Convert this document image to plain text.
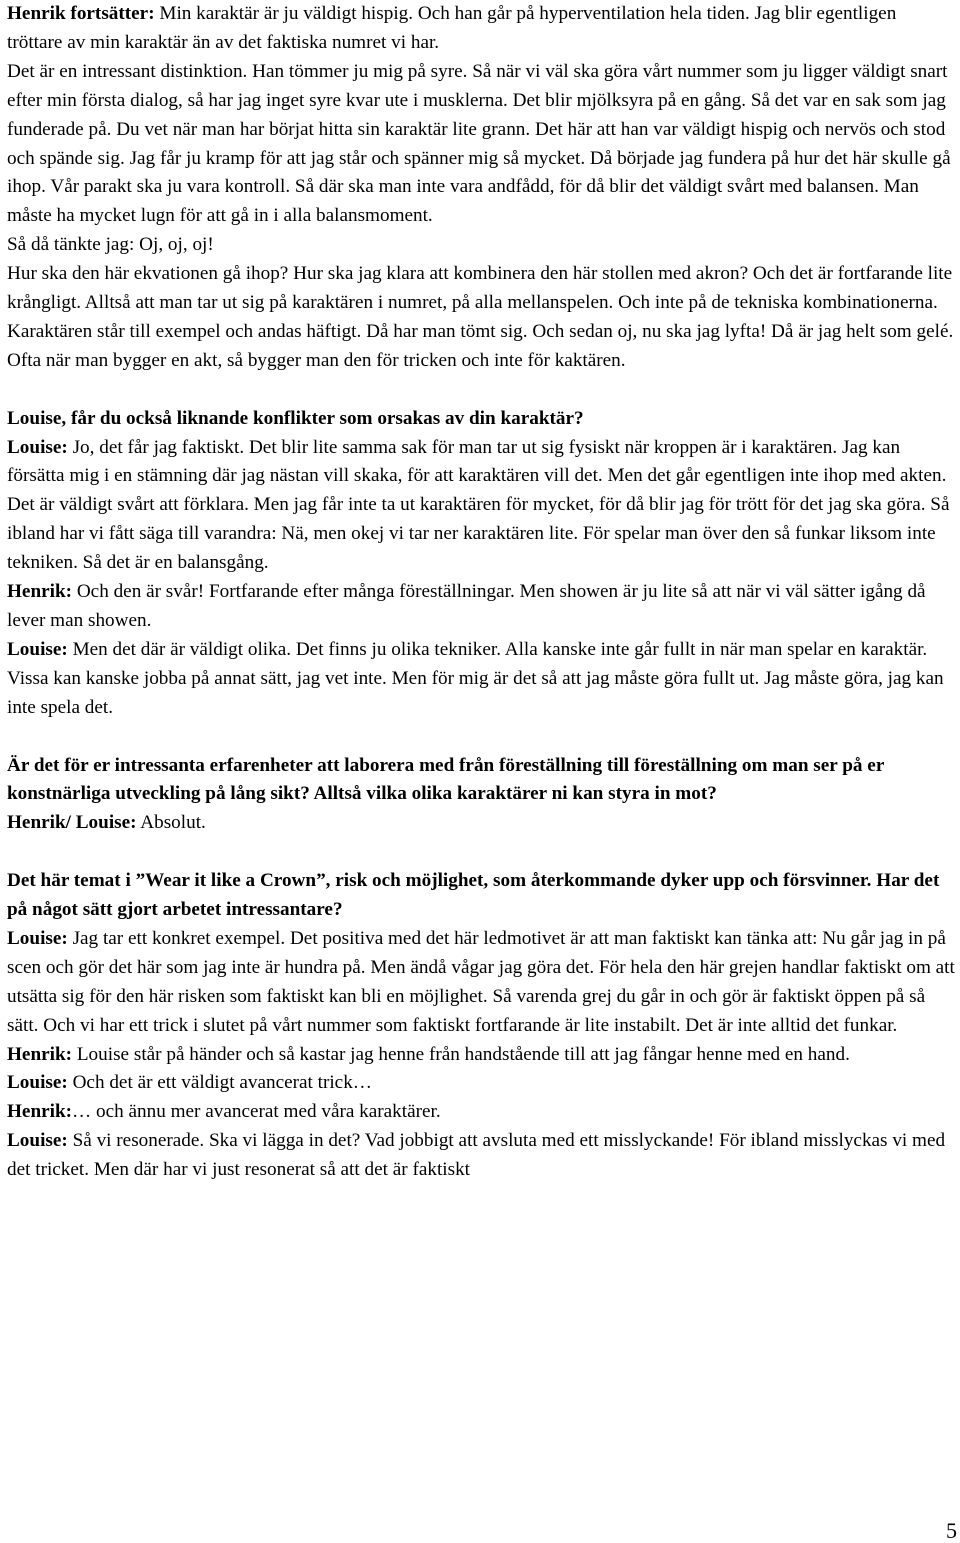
Henrik fortsätter: Min karaktär är ju väldigt hispig. Och han går på hyperventilation hela tiden. Jag blir egentligen tröttare av min karaktär än av det faktiska numret vi har.

Det är en intressant distinktion. Han tömmer ju mig på syre. Så när vi väl ska göra vårt nummer som ju ligger väldigt snart efter min första dialog, så har jag inget syre kvar ute i musklerna. Det blir mjölksyra på en gång. Så det var en sak som jag funderade på. Du vet när man har börjat hitta sin karaktär lite grann. Det här att han var väldigt hispig och nervös och stod och spände sig. Jag får ju kramp för att jag står och spänner mig så mycket. Då började jag fundera på hur det här skulle gå ihop. Vår parakt ska ju vara kontroll. Så där ska man inte vara andfådd, för då blir det väldigt svårt med balansen. Man måste ha mycket lugn för att gå in i alla balansmoment.

Så då tänkte jag: Oj, oj, oj!

Hur ska den här ekvationen gå ihop? Hur ska jag klara att kombinera den här stollen med akron? Och det är fortfarande lite krångligt. Alltså att man tar ut sig på karaktären i numret, på alla mellanspelen. Och inte på de tekniska kombinationerna. Karaktären står till exempel och andas häftigt. Då har man tömt sig. Och sedan oj, nu ska jag lyfta! Då är jag helt som gelé. Ofta när man bygger en akt, så bygger man den för tricken och inte för kaktären.

Louise, får du också liknande konflikter som orsakas av din karaktär?

Louise: Jo, det får jag faktiskt. Det blir lite samma sak för man tar ut sig fysiskt när kroppen är i karaktären. Jag kan försätta mig i en stämning där jag nästan vill skaka, för att karaktären vill det. Men det går egentligen inte ihop med akten. Det är väldigt svårt att förklara. Men jag får inte ta ut karaktären för mycket, för då blir jag för trött för det jag ska göra. Så ibland har vi fått säga till varandra: Nä, men okej vi tar ner karaktären lite. För spelar man över den så funkar liksom inte tekniken. Så det är en balansgång.

Henrik: Och den är svår! Fortfarande efter många föreställningar. Men showen är ju lite så att när vi väl sätter igång då lever man showen.

Louise: Men det där är väldigt olika. Det finns ju olika tekniker. Alla kanske inte går fullt in när man spelar en karaktär. Vissa kan kanske jobba på annat sätt, jag vet inte. Men för mig är det så att jag måste göra fullt ut. Jag måste göra, jag kan inte spela det.

Är det för er intressanta erfarenheter att laborera med från föreställning till föreställning om man ser på er konstnärliga utveckling på lång sikt? Alltså vilka olika karaktärer ni kan styra in mot?

Henrik/ Louise: Absolut.

Det här temat i ”Wear it like a Crown”, risk och möjlighet, som återkommande dyker upp och försvinner. Har det på något sätt gjort arbetet intressantare?

Louise: Jag tar ett konkret exempel. Det positiva med det här ledmotivet är att man faktiskt kan tänka att: Nu går jag in på scen och gör det här som jag inte är hundra på. Men ändå vågar jag göra det. För hela den här grejen handlar faktiskt om att utsätta sig för den här risken som faktiskt kan bli en möjlighet. Så varenda grej du går in och gör är faktiskt öppen på så sätt. Och vi har ett trick i slutet på vårt nummer som faktiskt fortfarande är lite instabilt. Det är inte alltid det funkar.

Henrik: Louise står på händer och så kastar jag henne från handstående till att jag fångar henne med en hand.

Louise: Och det är ett väldigt avancerat trick…

Henrik:… och ännu mer avancerat med våra karaktärer.

Louise: Så vi resonerade. Ska vi lägga in det? Vad jobbigt att avsluta med ett misslyckande! För ibland misslyckas vi med det tricket. Men där har vi just resonerat så att det är faktiskt

5
